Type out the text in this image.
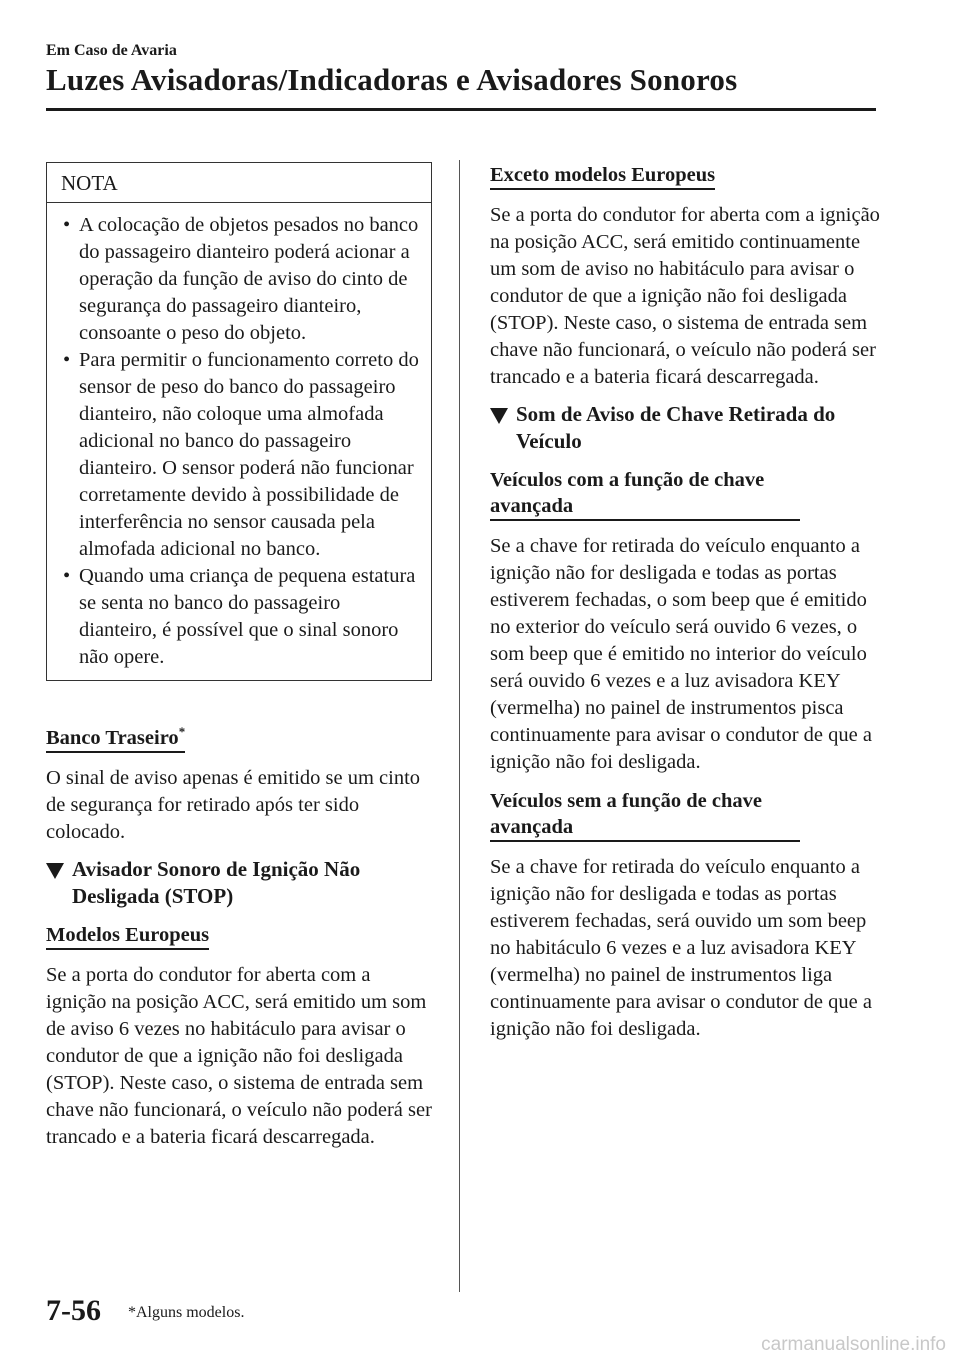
Em Caso de Avaria
Luzes Avisadoras/Indicadoras e Avisadores Sonoros
NOTA
• A colocação de objetos pesados no banco do passageiro dianteiro poderá acionar a operação da função de aviso do cinto de segurança do passageiro dianteiro, consoante o peso do objeto.
• Para permitir o funcionamento correto do sensor de peso do banco do passageiro dianteiro, não coloque uma almofada adicional no banco do passageiro dianteiro. O sensor poderá não funcionar corretamente devido à possibilidade de interferência no sensor causada pela almofada adicional no banco.
• Quando uma criança de pequena estatura se senta no banco do passageiro dianteiro, é possível que o sinal sonoro não opere.
Banco Traseiro*

O sinal de aviso apenas é emitido se um cinto de segurança for retirado após ter sido colocado.

Avisador Sonoro de Ignição Não Desligada (STOP)
Modelos Europeus

Se a porta do condutor for aberta com a ignição na posição ACC, será emitido um som de aviso 6 vezes no habitáculo para avisar o condutor de que a ignição não foi desligada (STOP). Neste caso, o sistema de entrada sem chave não funcionará, o veículo não poderá ser trancado e a bateria ficará descarregada.

Exceto modelos Europeus

Se a porta do condutor for aberta com a ignição na posição ACC, será emitido continuamente um som de aviso no habitáculo para avisar o condutor de que a ignição não foi desligada (STOP). Neste caso, o sistema de entrada sem chave não funcionará, o veículo não poderá ser trancado e a bateria ficará descarregada.

Som de Aviso de Chave Retirada do Veículo
Veículos com a função de chave avançada

Se a chave for retirada do veículo enquanto a ignição não for desligada e todas as portas estiverem fechadas, o som beep que é emitido no exterior do veículo será ouvido 6 vezes, o som beep que é emitido no interior do veículo será ouvido 6 vezes e a luz avisadora KEY (vermelha) no painel de instrumentos pisca continuamente para avisar o condutor de que a ignição não foi desligada.

Veículos sem a função de chave avançada

Se a chave for retirada do veículo enquanto a ignição não for desligada e todas as portas estiverem fechadas, será ouvido um som beep no habitáculo 6 vezes e a luz avisadora KEY (vermelha) no painel de instrumentos liga continuamente para avisar o condutor de que a ignição não foi desligada.

7-56 *Alguns modelos.
carmanualsonline.info
